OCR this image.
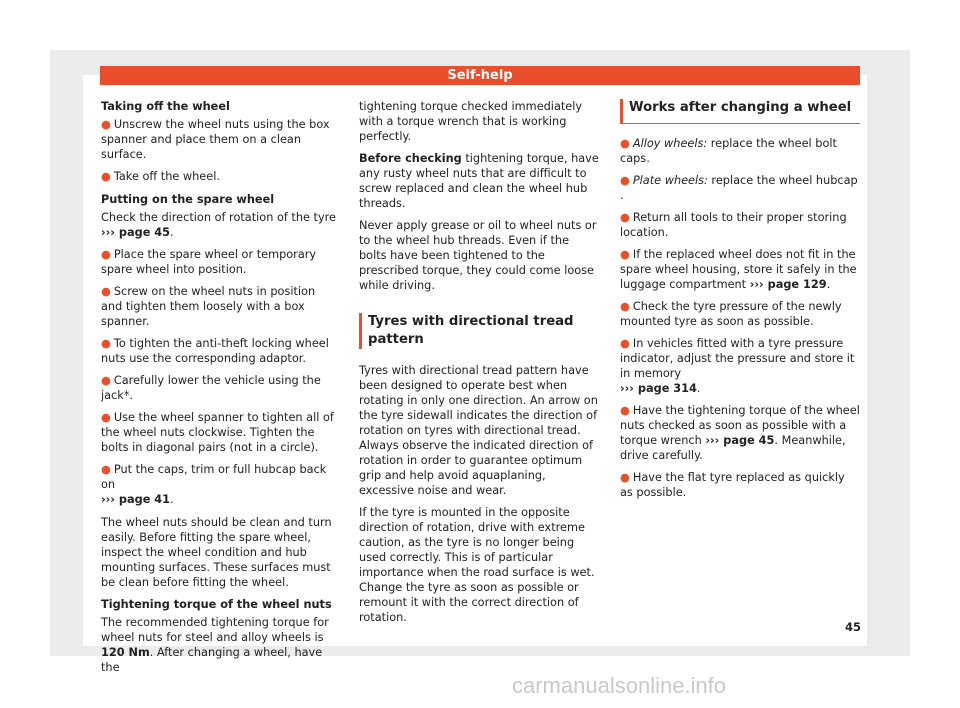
Self-help

Taking off the wheel

● Unscrew the wheel nuts using the box spanner and place them on a clean surface.

● Take off the wheel.

Putting on the spare wheel

Check the direction of rotation of the tyre
››› page 45.

● Place the spare wheel or temporary spare wheel into position.

● Screw on the wheel nuts in position and tighten them loosely with a box spanner.

● To tighten the anti-theft locking wheel nuts use the corresponding adaptor.

● Carefully lower the vehicle using the jack*.

● Use the wheel spanner to tighten all of the wheel nuts clockwise. Tighten the bolts in diagonal pairs (not in a circle).

● Put the caps, trim or full hubcap back on
››› page 41.

The wheel nuts should be clean and turn easily. Before fitting the spare wheel, inspect the wheel condition and hub mounting surfaces. These surfaces must be clean before fitting the wheel.

Tightening torque of the wheel nuts

The recommended tightening torque for wheel nuts for steel and alloy wheels is
120 Nm. After changing a wheel, have the

tightening torque checked immediately with a torque wrench that is working perfectly.

Before checking tightening torque, have any rusty wheel nuts that are difficult to screw replaced and clean the wheel hub threads.

Never apply grease or oil to wheel nuts or to the wheel hub threads. Even if the bolts have been tightened to the prescribed torque, they could come loose while driving.

Tyres with directional tread pattern

Tyres with directional tread pattern have been designed to operate best when rotating in only one direction. An arrow on the tyre sidewall indicates the direction of rotation on tyres with directional tread. Always observe the indicated direction of rotation in order to guarantee optimum grip and help avoid aquaplaning, excessive noise and wear.

If the tyre is mounted in the opposite direction of rotation, drive with extreme caution, as the tyre is no longer being used correctly. This is of particular importance when the road surface is wet. Change the tyre as soon as possible or remount it with the correct direction of rotation.

Works after changing a wheel

● Alloy wheels: replace the wheel bolt caps.

● Plate wheels: replace the wheel hubcap .

● Return all tools to their proper storing location.

● If the replaced wheel does not fit in the spare wheel housing, store it safely in the luggage compartment ››› page 129.

● Check the tyre pressure of the newly mounted tyre as soon as possible.

● In vehicles fitted with a tyre pressure indicator, adjust the pressure and store it in memory
››› page 314.

● Have the tightening torque of the wheel nuts checked as soon as possible with a torque wrench ››› page 45. Meanwhile, drive carefully.

● Have the flat tyre replaced as quickly as possible.

45
carmanualsonline.info
